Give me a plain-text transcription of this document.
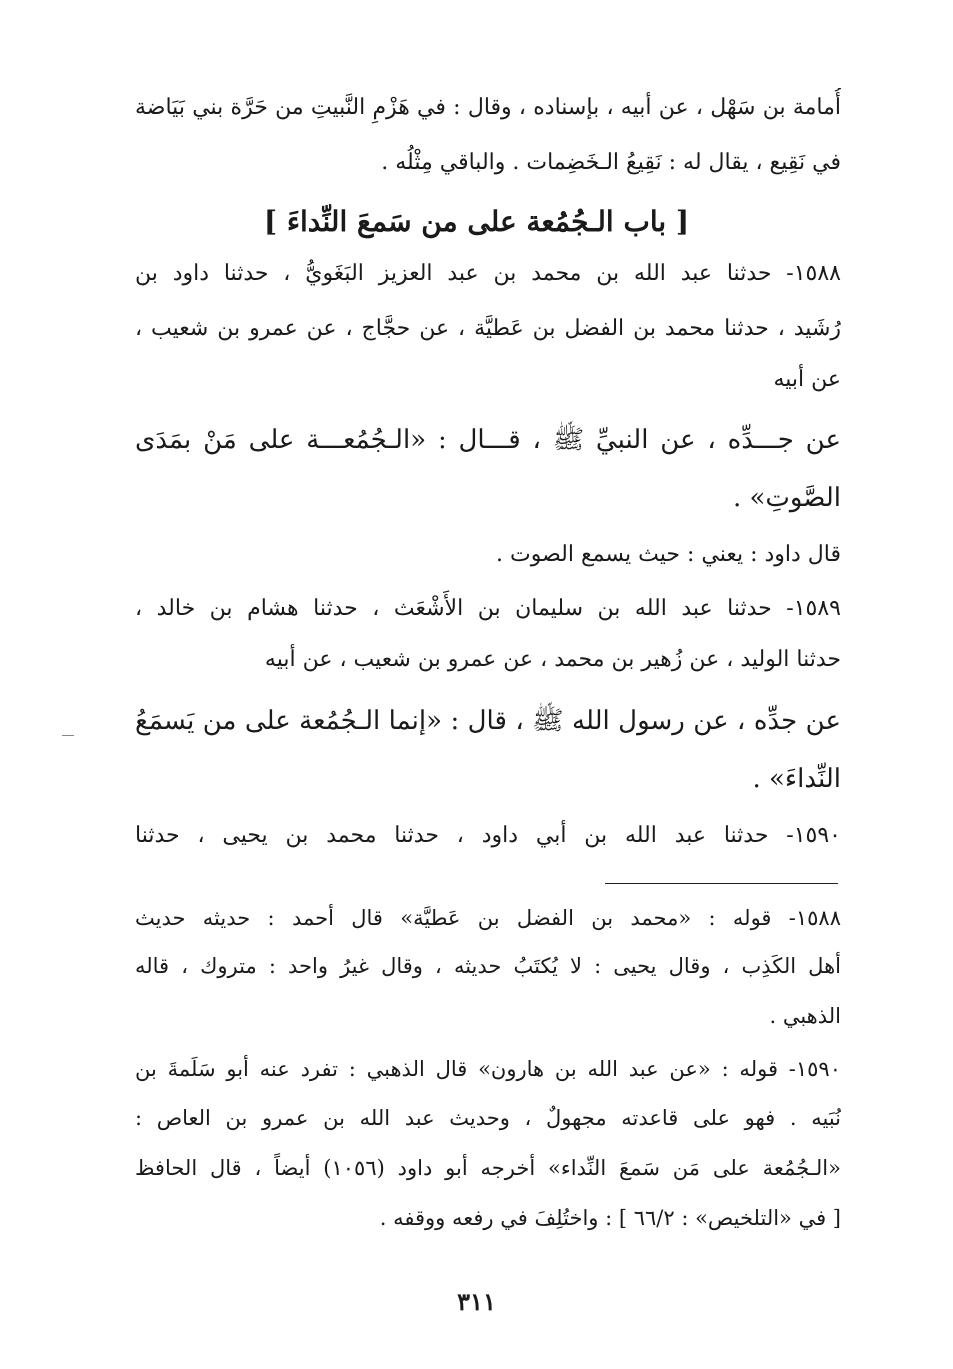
أُمامة بن سَهْل ، عن أبيه ، بإسناده ، وقال : في هَزْمِ النَّبيتِ من حَرَّة بني بَيَاضة
في نَقِيع ، يقال له : نَقِيعُ الـخَضِمات . والباقي مِثْلُه .
[ باب الـجُمُعة على من سَمعَ النِّداءَ ]
١٥٨٨- حدثنا عبد الله بن محمد بن عبد العزيز البَغَويُّ ، حدثنا داود بن
رُشَيد ، حدثنا محمد بن الفضل بن عَطيَّة ، عن حجَّاج ، عن عمرو بن شعيب ،
عن أبيه
عن جـــدِّه ، عن النبيِّ ﷺ ، قـــال : «الـجُمُعـــة على مَنْ بمَدَى
الصَّوتِ» .
قال داود : يعني : حيث يسمع الصوت .
١٥٨٩- حدثنا عبد الله بن سليمان بن الأَشْعَث ، حدثنا هشام بن خالد ،
حدثنا الوليد ، عن زُهير بن محمد ، عن عمرو بن شعيب ، عن أبيه
عن جدِّه ، عن رسول الله ﷺ ، قال : «إنما الـجُمُعة على من يَسمَعُ
النِّداءَ» .
١٥٩٠- حدثنا عبد الله بن أبي داود ، حدثنا محمد بن يحيى ، حدثنا
١٥٨٨- قوله : «محمد بن الفضل بن عَطيَّة» قال أحمد : حديثه حديث
أهل الكَذِب ، وقال يحيى : لا يُكتَبُ حديثه ، وقال غيرُ واحد : متروك ، قاله
الذهبي .
١٥٩٠- قوله : «عن عبد الله بن هارون» قال الذهبي : تفرد عنه أبو سَلَمةَ بن
نُبَيه . فهو على قاعدته مجهولٌ ، وحديث عبد الله بن عمرو بن العاص :
«الـجُمُعة على مَن سَمعَ النِّداء» أخرجه أبو داود (١٠٥٦) أيضاً ، قال الحافظ
[ في «التلخيص» : ٦٦/٢ ] : واختُلِفَ في رفعه ووقفه .
٣١١
